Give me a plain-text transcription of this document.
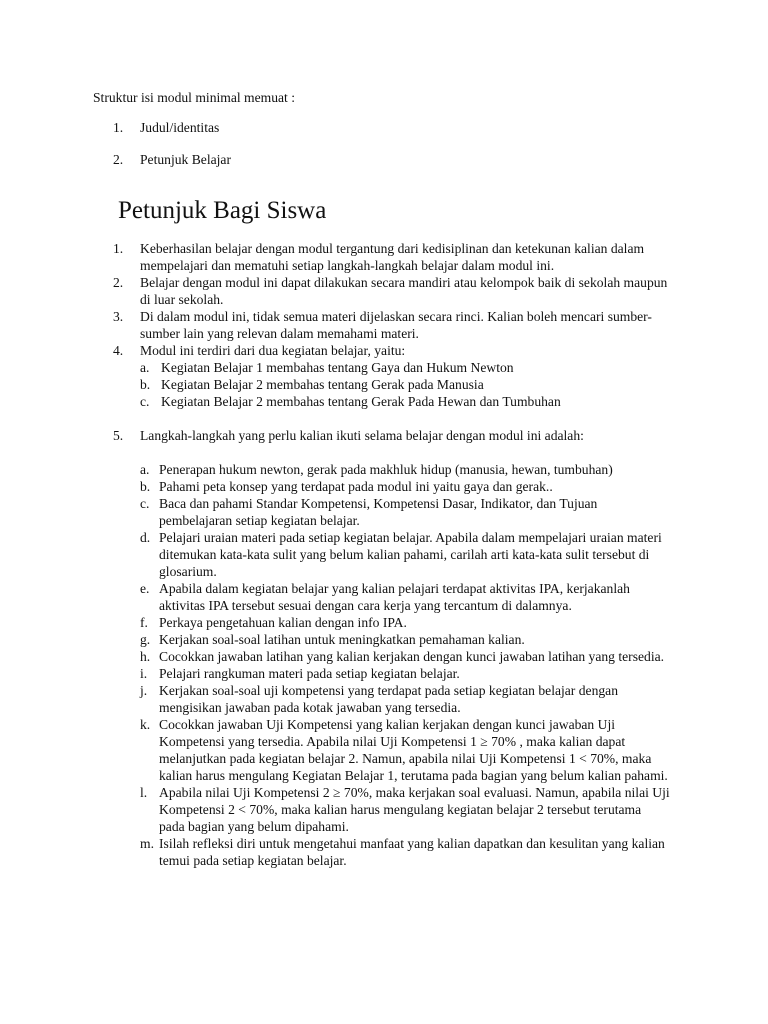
Struktur isi modul minimal memuat :

1.	Judul/identitas
2.	Petunjuk Belajar
Petunjuk Bagi Siswa
1.	Keberhasilan belajar dengan modul tergantung dari kedisiplinan dan ketekunan kalian dalam mempelajari dan mematuhi setiap langkah-langkah belajar dalam modul ini.
2.	Belajar dengan modul ini dapat dilakukan secara mandiri atau kelompok baik di sekolah maupun di luar sekolah.
3.	Di dalam modul ini, tidak semua materi dijelaskan secara rinci. Kalian boleh mencari sumber-sumber lain yang relevan dalam memahami materi.
4.	Modul ini terdiri dari dua kegiatan belajar, yaitu:
a. Kegiatan Belajar 1 membahas tentang Gaya dan Hukum Newton
b. Kegiatan Belajar 2 membahas tentang Gerak pada Manusia
c. Kegiatan Belajar 2 membahas tentang Gerak Pada Hewan dan Tumbuhan
5.	Langkah-langkah yang perlu kalian ikuti selama belajar dengan modul ini adalah:
a. Penerapan hukum newton, gerak pada makhluk hidup (manusia, hewan, tumbuhan)
b. Pahami peta konsep yang terdapat pada modul ini yaitu gaya dan gerak..
c. Baca dan pahami Standar Kompetensi, Kompetensi Dasar, Indikator, dan Tujuan pembelajaran setiap kegiatan belajar.
d. Pelajari uraian materi pada setiap kegiatan belajar. Apabila dalam mempelajari uraian materi ditemukan kata-kata sulit yang belum kalian pahami, carilah arti kata-kata sulit tersebut di glosarium.
e. Apabila dalam kegiatan belajar yang kalian pelajari terdapat aktivitas IPA, kerjakanlah aktivitas IPA tersebut sesuai dengan cara kerja yang tercantum di dalamnya.
f. Perkaya pengetahuan kalian dengan info IPA.
g. Kerjakan soal-soal latihan untuk meningkatkan pemahaman kalian.
h. Cocokkan jawaban latihan yang kalian kerjakan dengan kunci jawaban latihan yang tersedia.
i. Pelajari rangkuman materi pada setiap kegiatan belajar.
j. Kerjakan soal-soal uji kompetensi yang terdapat pada setiap kegiatan belajar dengan mengisikan jawaban pada kotak jawaban yang tersedia.
k. Cocokkan jawaban Uji Kompetensi yang kalian kerjakan dengan kunci jawaban Uji Kompetensi yang tersedia. Apabila nilai Uji Kompetensi 1 ≥ 70% , maka kalian dapat melanjutkan pada kegiatan belajar 2. Namun, apabila nilai Uji Kompetensi 1 < 70%, maka kalian harus mengulang Kegiatan Belajar 1, terutama pada bagian yang belum kalian pahami.
l. Apabila nilai Uji Kompetensi 2 ≥ 70%, maka kerjakan soal evaluasi. Namun, apabila nilai Uji Kompetensi 2 < 70%, maka kalian harus mengulang kegiatan belajar 2 tersebut terutama pada bagian yang belum dipahami.
m. Isilah refleksi diri untuk mengetahui manfaat yang kalian dapatkan dan kesulitan yang kalian temui pada setiap kegiatan belajar.
